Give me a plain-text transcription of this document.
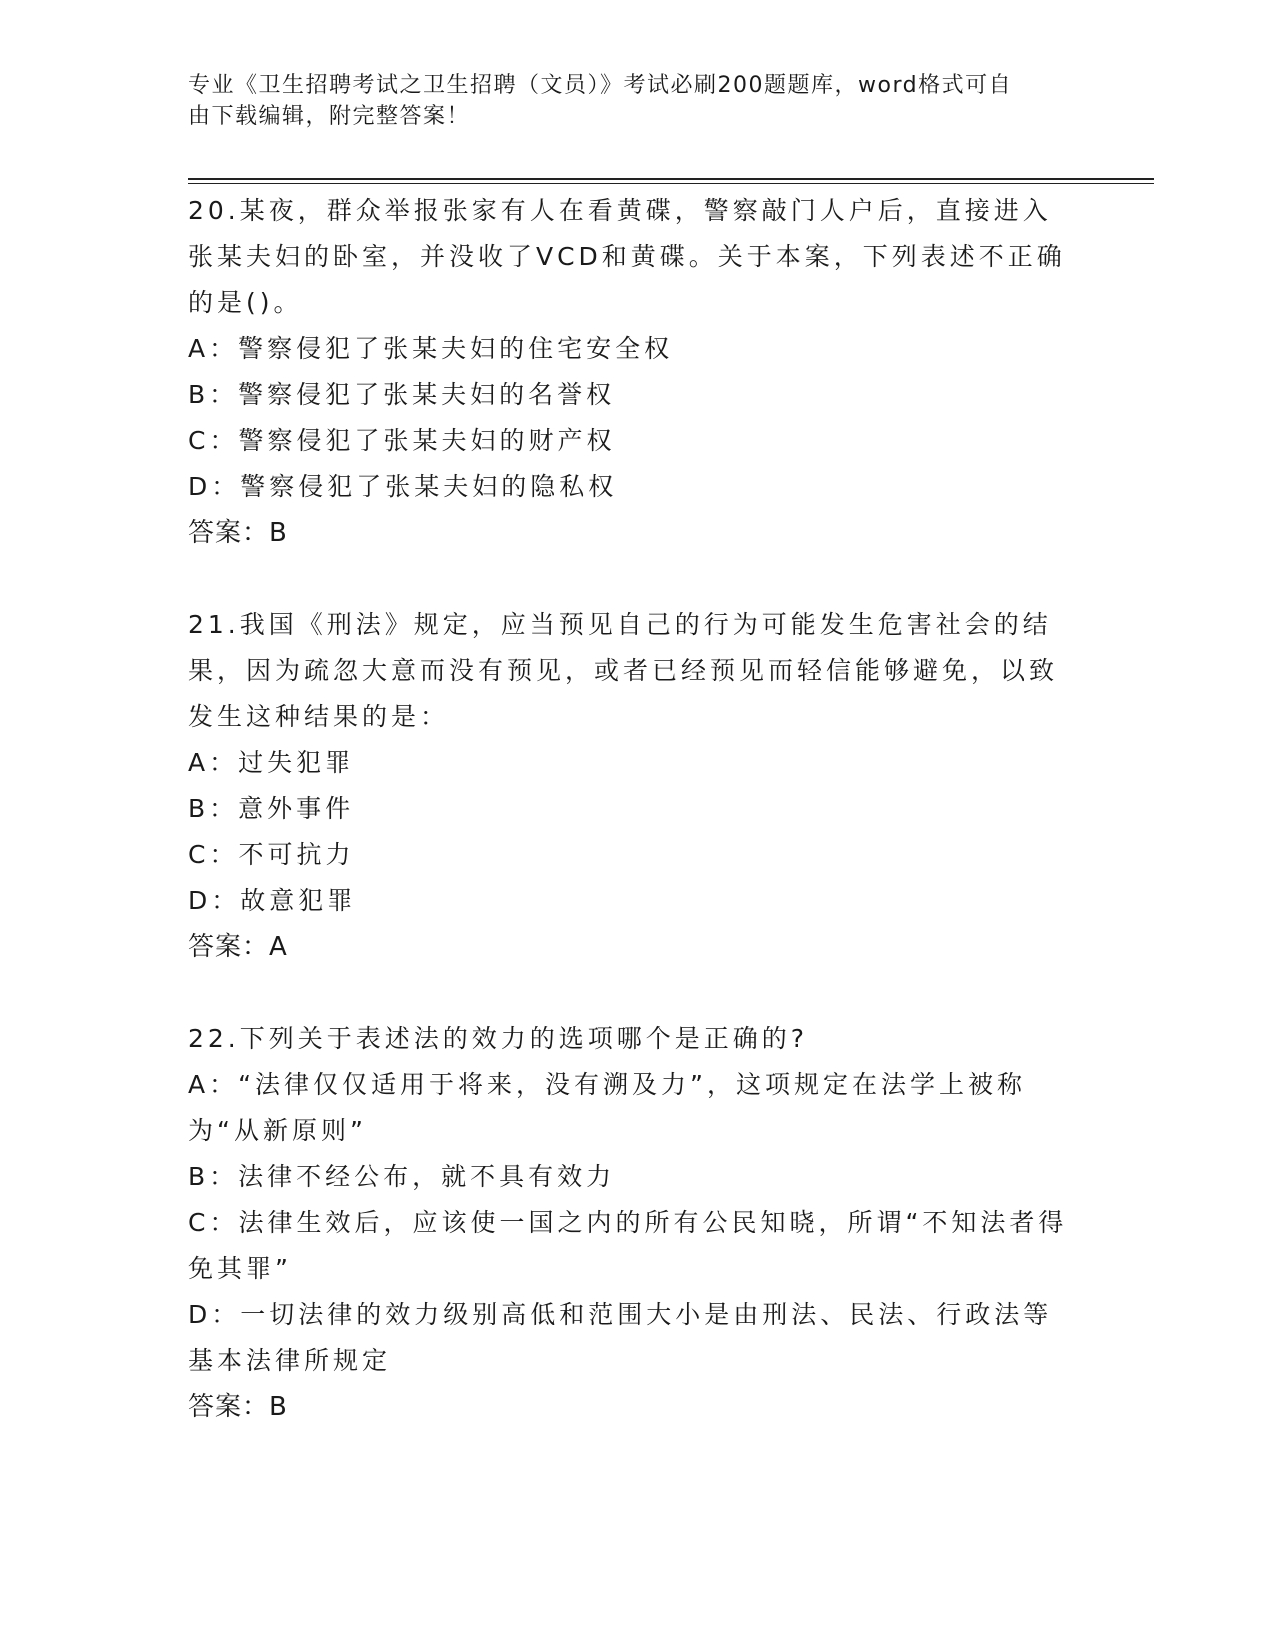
专业《卫生招聘考试之卫生招聘（文员）》考试必刷200题题库，word格式可自
由下载编辑，附完整答案！

20.某夜，群众举报张家有人在看黄碟，警察敲门人户后，直接进入张某夫妇的卧室，并没收了VCD和黄碟。关于本案，下列表述不正确的是()。

A：警察侵犯了张某夫妇的住宅安全权

B：警察侵犯了张某夫妇的名誉权

C：警察侵犯了张某夫妇的财产权

D：警察侵犯了张某夫妇的隐私权

答案：B

21.我国《刑法》规定，应当预见自己的行为可能发生危害社会的结果，因为疏忽大意而没有预见，或者已经预见而轻信能够避免，以致发生这种结果的是：

A：过失犯罪

B：意外事件

C：不可抗力

D：故意犯罪

答案：A

22.下列关于表述法的效力的选项哪个是正确的?

A：“法律仅仅适用于将来，没有溯及力”，这项规定在法学上被称为“从新原则”

B：法律不经公布，就不具有效力

C：法律生效后，应该使一国之内的所有公民知晓，所谓“不知法者得免其罪”

D：一切法律的效力级别高低和范围大小是由刑法、民法、行政法等基本法律所规定

答案：B
